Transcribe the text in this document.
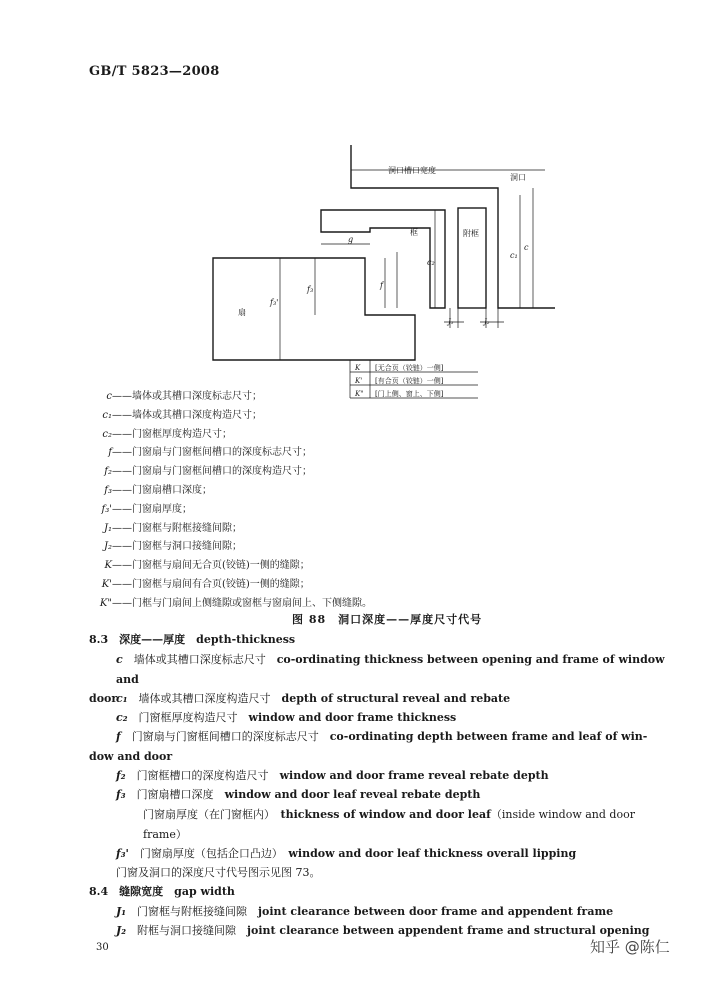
GB/T 5823—2008
洞口槽口宽度
洞口
框	附框
扇
g
f
f₃
f₃'
c₂
c₁
c
J₁	J₂
K [无合页（铰链）一侧]
K' [有合页（铰链）一侧]
K" [门上侧、窗上、下侧]
c——墙体或其槽口深度标志尺寸；
c₁——墙体或其槽口深度构造尺寸；
c₂——门窗框厚度构造尺寸；
f——门窗扇与门窗框间槽口的深度标志尺寸；
f₂——门窗扇与门窗框间槽口的深度构造尺寸；
f₃——门窗扇槽口深度；
f₃'——门窗扇厚度；
J₁——门窗框与附框接缝间隙；
J₂——门窗框与洞口接缝间隙；
K——门窗框与扇间无合页(铰链)一侧的缝隙；
K'——门窗框与扇间有合页(铰链)一侧的缝隙；
K"——门框与门扇间上侧缝隙或窗框与窗扇间上、下侧缝隙。
图 88　洞口深度——厚度尺寸代号
8.3　深度——厚度　depth-thickness
c　 墙体或其槽口深度标志尺寸　 co-ordinating thickness between opening and frame of window and
door
c₁　 墙体或其槽口深度构造尺寸　 depth of structural reveal and rebate
c₂　 门窗框厚度构造尺寸　 window and door frame thickness
f　 门窗扇与门窗框间槽口的深度标志尺寸　 co-ordinating depth between frame and leaf of win-
dow and door
f₂　 门窗框槽口的深度构造尺寸　 window and door frame reveal rebate depth
f₃　 门窗扇槽口深度　 window and door leaf reveal rebate depth
门窗扇厚度（在门窗框内）　 thickness of window and door leaf（inside window and door
frame）
f₃'　 门窗扇厚度（包括企口凸边）　 window and door leaf thickness overall lipping
门窗及洞口的深度尺寸代号图示见图 73。
8.4　缝隙宽度　gap width
J₁　 门窗框与附框接缝间隙　 joint clearance between door frame and appendent frame
J₂　 附框与洞口接缝间隙　 joint clearance between appendent frame and structural opening
30	知乎 @陈仁
